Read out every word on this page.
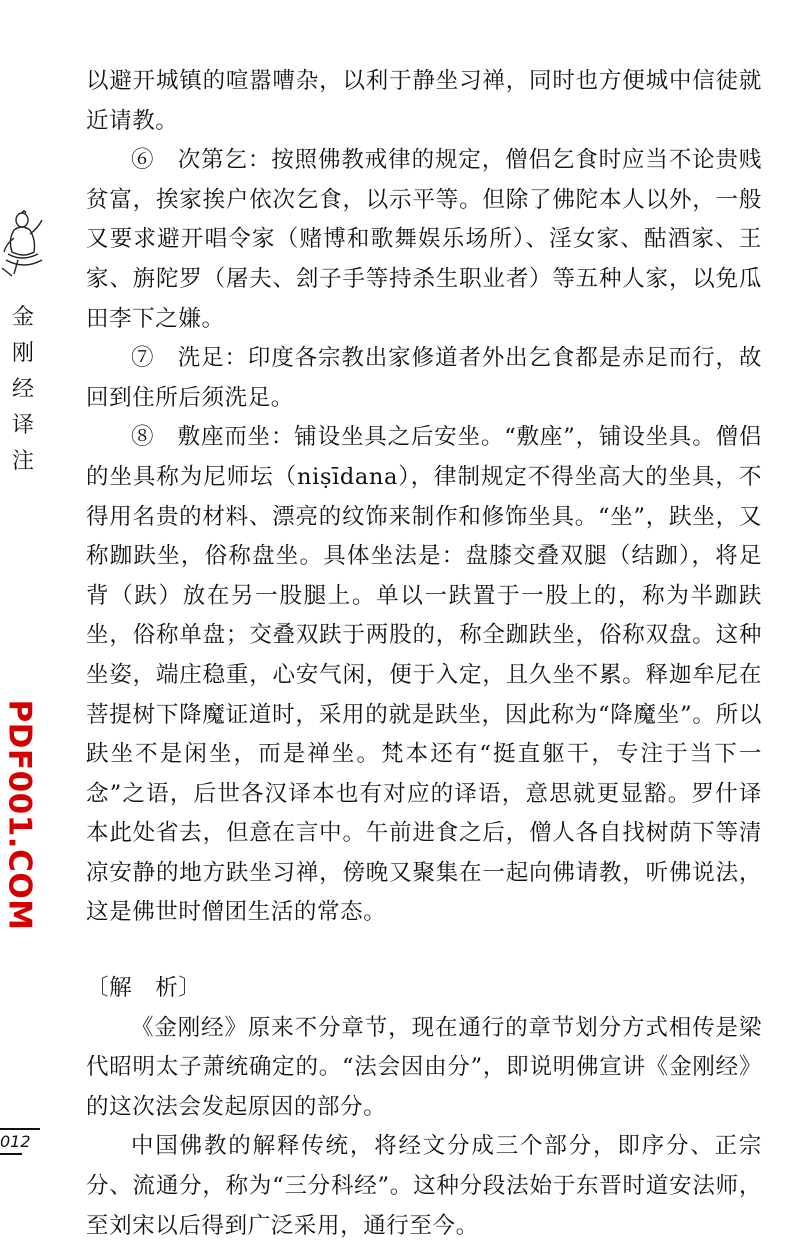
金
刚
经
译
注
PDF001.COM
012

以避开城镇的喧嚣嘈杂，以利于静坐习禅，同时也方便城中信徒就近请教。

⑥　次第乞：按照佛教戒律的规定，僧侣乞食时应当不论贵贱贫富，挨家挨户依次乞食，以示平等。但除了佛陀本人以外，一般又要求避开唱令家（赌博和歌舞娱乐场所）、淫女家、酤酒家、王家、旃陀罗（屠夫、刽子手等持杀生职业者）等五种人家，以免瓜田李下之嫌。

⑦　洗足：印度各宗教出家修道者外出乞食都是赤足而行，故回到住所后须洗足。

⑧　敷座而坐：铺设坐具之后安坐。“敷座”，铺设坐具。僧侣的坐具称为尼师坛（niṣīdana），律制规定不得坐高大的坐具，不得用名贵的材料、漂亮的纹饰来制作和修饰坐具。“坐”，趺坐，又称跏趺坐，俗称盘坐。具体坐法是：盘膝交叠双腿（结跏），将足背（趺）放在另一股腿上。单以一趺置于一股上的，称为半跏趺坐，俗称单盘；交叠双趺于两股的，称全跏趺坐，俗称双盘。这种坐姿，端庄稳重，心安气闲，便于入定，且久坐不累。释迦牟尼在菩提树下降魔证道时，采用的就是趺坐，因此称为“降魔坐”。所以趺坐不是闲坐，而是禅坐。梵本还有“挺直躯干，专注于当下一念”之语，后世各汉译本也有对应的译语，意思就更显豁。罗什译本此处省去，但意在言中。午前进食之后，僧人各自找树荫下等清凉安静的地方趺坐习禅，傍晚又聚集在一起向佛请教，听佛说法，这是佛世时僧团生活的常态。

〔解　析〕

《金刚经》原来不分章节，现在通行的章节划分方式相传是梁代昭明太子萧统确定的。“法会因由分”，即说明佛宣讲《金刚经》的这次法会发起原因的部分。

中国佛教的解释传统，将经文分成三个部分，即序分、正宗分、流通分，称为“三分科经”。这种分段法始于东晋时道安法师，至刘宋以后得到广泛采用，通行至今。
